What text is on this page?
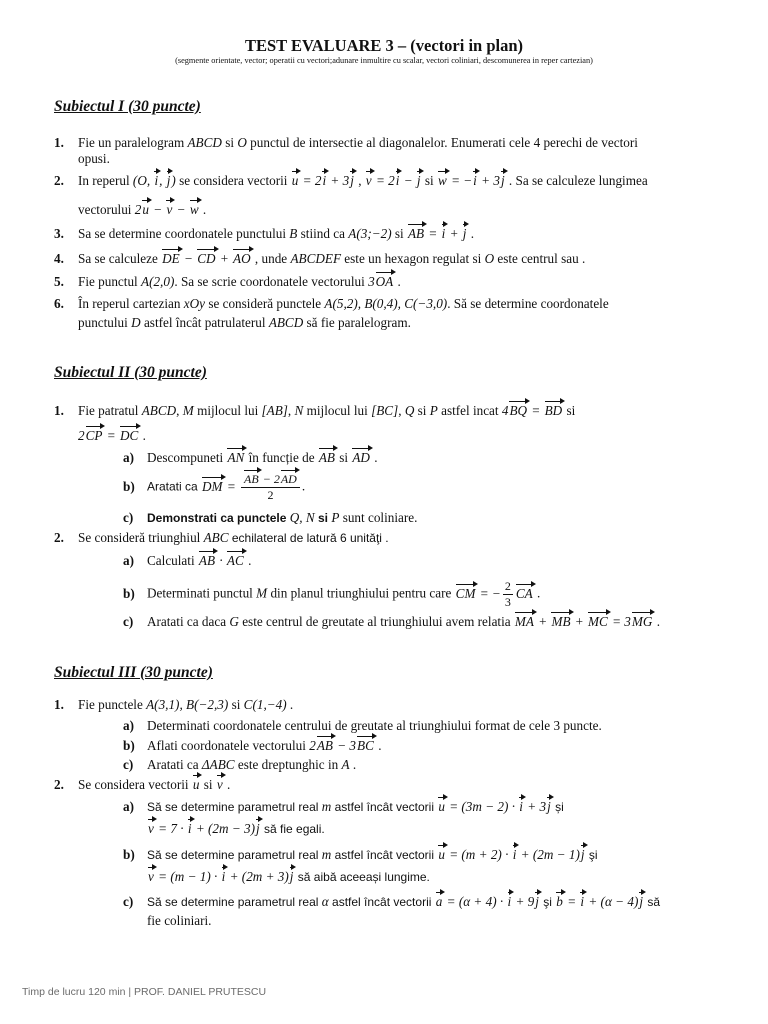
TEST EVALUARE 3 – (vectori in plan)
(segmente orientate, vector; operatii cu vectori;adunare inmultire cu scalar, vectori coliniari, descomunerea in reper cartezian)
Subiectul I (30 puncte)
1. Fie un paralelogram ABCD si O punctul de intersectie al diagonalelor. Enumerati cele 4 perechi de vectori
opusi.
2. In reperul (O, i, j) se considera vectorii u = 2i + 3j , v = 2i − j si w = −i + 3j . Sa se calculeze lungimea
vectorului 2u − v − w .
3. Sa se determine coordonatele punctului B stiind ca A(3;−2) si AB = i + j .
4. Sa se calculeze DE − CD + AO , unde ABCDEF este un hexagon regulat si O este centrul sau .
5. Fie punctul A(2,0). Sa se scrie coordonatele vectorului 3OA .
6. În reperul cartezian xOy se consideră punctele A(5,2), B(0,4), C(−3,0). Să se determine coordonatele
punctului D astfel încât patrulaterul ABCD să fie paralelogram.
Subiectul II (30 puncte)
1. Fie patratul ABCD, M mijlocul lui [AB], N mijlocul lui [BC], Q si P astfel incat 4BQ = BD si
2CP = DC .
a) Descompuneti AN în funcție de AB si AD .
b) Aratati ca DM = $\frac{AB - 2AD}{2}$ .
c) Demonstrati ca punctele Q, N si P sunt coliniare.
2. Se consideră triunghiul ABC echilateral de latură 6 unităţi .
a) Calculati AB · AC .
b) Determinati punctul M din planul triunghiului pentru care CM = − $\frac{2}{3}$ CA .
c) Aratati ca daca G este centrul de greutate al triunghiului avem relatia MA + MB + MC = 3MG .
Subiectul III (30 puncte)
1. Fie punctele A(3,1), B(−2,3) si C(1,−4) .
a) Determinati coordonatele centrului de greutate al triunghiului format de cele 3 puncte.
b) Aflati coordonatele vectorului 2AB − 3BC .
c) Aratati ca ΔABC este dreptunghic in A .
2. Se considera vectorii u si v .
a) Să se determine parametrul real m astfel încât vectorii u = (3m − 2) · i + 3j și
v = 7 · i + (2m − 3)j să fie egali.
b) Să se determine parametrul real m astfel încât vectorii u = (m + 2) · i + (2m − 1)j şi
v = (m − 1) · i + (2m + 3)j să aibă aceeași lungime.
c) Să se determine parametrul real α astfel încât vectorii a = (α + 4) · i + 9j şi b = i + (α − 4)j să
fie coliniari.
Timp de lucru 120 min | PROF. DANIEL PRUTESCU
